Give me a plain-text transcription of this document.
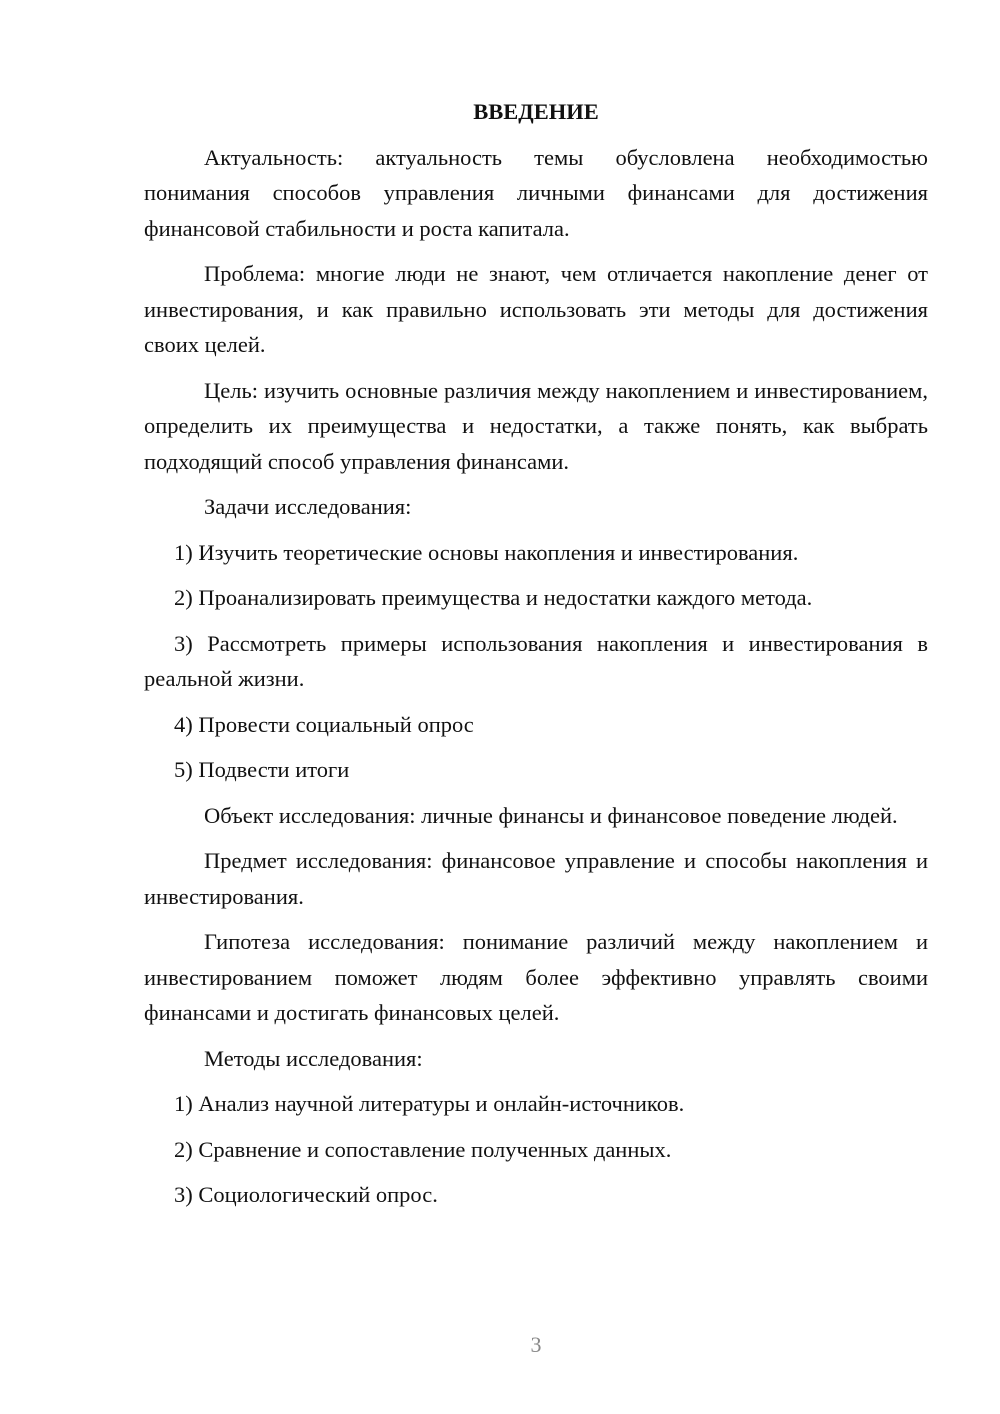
ВВЕДЕНИЕ
Актуальность: актуальность темы обусловлена необходимостью понимания способов управления личными финансами для достижения финансовой стабильности и роста капитала.
Проблема: многие люди не знают, чем отличается накопление денег от инвестирования, и как правильно использовать эти методы для достижения своих целей.
Цель: изучить основные различия между накоплением и инвестированием, определить их преимущества и недостатки, а также понять, как выбрать подходящий способ управления финансами.
Задачи исследования:
1) Изучить теоретические основы накопления и инвестирования.
2) Проанализировать преимущества и недостатки каждого метода.
3) Рассмотреть примеры использования накопления и инвестирования в реальной жизни.
4) Провести социальный опрос
5) Подвести итоги
Объект исследования: личные финансы и финансовое поведение людей.
Предмет исследования: финансовое управление и способы накопления и инвестирования.
Гипотеза исследования: понимание различий между накоплением и инвестированием поможет людям более эффективно управлять своими финансами и достигать финансовых целей.
Методы исследования:
1) Анализ научной литературы и онлайн-источников.
2) Сравнение и сопоставление полученных данных.
3) Социологический опрос.
3
